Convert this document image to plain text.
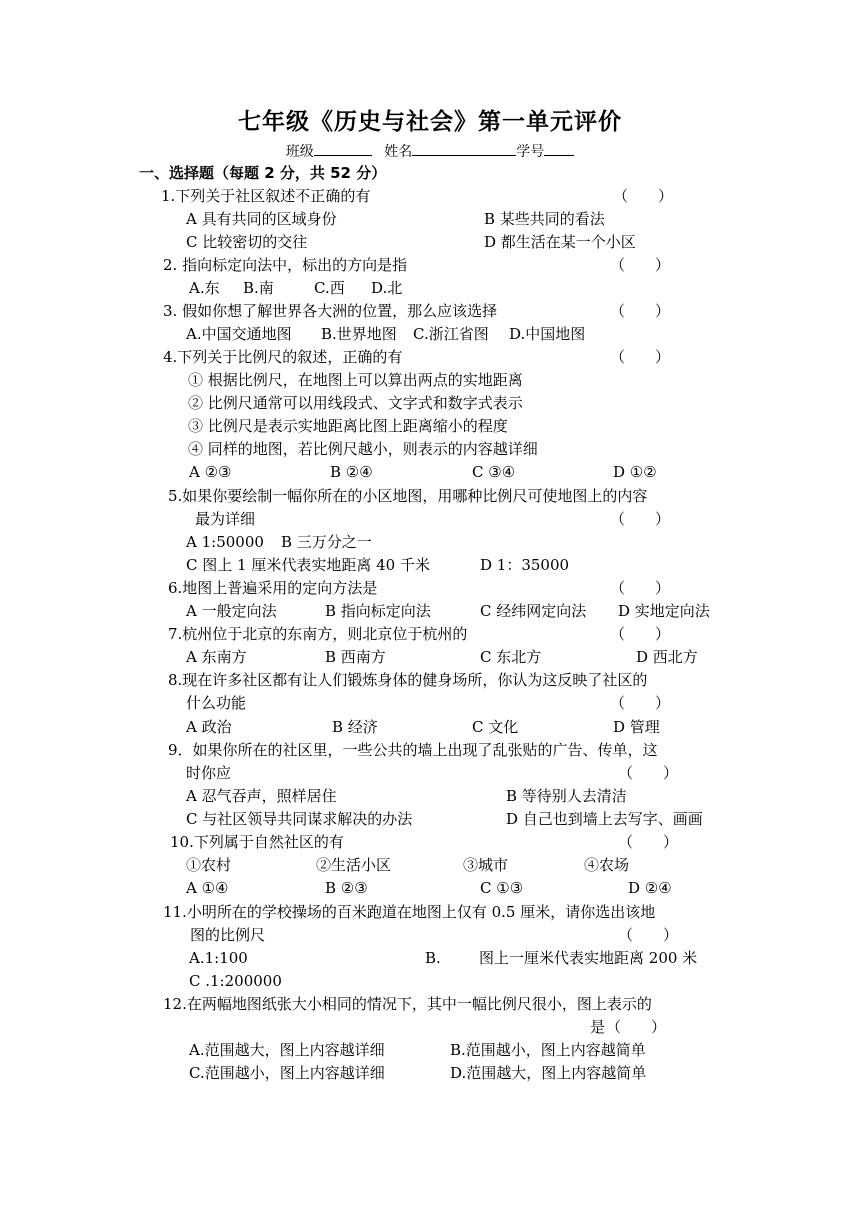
七年级《历史与社会》第一单元评价
班级	姓名	学号
一、选择题（每题 2 分，共 52 分）
1.下列关于社区叙述不正确的有	（　　）
A 具有共同的区域身份	B 某些共同的看法
C 比较密切的交往	D 都生活在某一个小区
2. 指向标定向法中，标出的方向是指	（　　）
A.东 B.南	C.西 D.北
3. 假如你想了解世界各大洲的位置，那么应该选择	（　　）
A.中国交通地图 B.世界地图 C.浙江省图 D.中国地图
4.下列关于比例尺的叙述，正确的有	（　　）
① 根据比例尺，在地图上可以算出两点的实地距离
② 比例尺通常可以用线段式、文字式和数字式表示
③ 比例尺是表示实地距离比图上距离缩小的程度
④ 同样的地图，若比例尺越小，则表示的内容越详细
A ②③	B ②④	C ③④	D ①②
5.如果你要绘制一幅你所在的小区地图，用哪种比例尺可使地图上的内容
最为详细	（　　）
A 1:50000 B 三万分之一
C 图上 1 厘米代表实地距离 40 千米	D 1：35000
6.地图上普遍采用的定向方法是	（　　）
A 一般定向法	B 指向标定向法	C 经纬网定向法 D 实地定向法
7.杭州位于北京的东南方，则北京位于杭州的	（　　）
A 东南方	B 西南方	C 东北方	D 西北方
8.现在许多社区都有让人们锻炼身体的健身场所，你认为这反映了社区的
什么功能	（　　）
A 政治	B 经济	C 文化	D 管理
9．如果你所在的社区里，一些公共的墙上出现了乱张贴的广告、传单，这
时你应	（　　）
A 忍气吞声，照样居住	B 等待别人去清洁
C 与社区领导共同谋求解决的办法	D 自己也到墙上去写字、画画
10.下列属于自然社区的有	（　　）
①农村	②生活小区	③城市	④农场
A ①④	B ②③	C ①③	D ②④
11.小明所在的学校操场的百米跑道在地图上仅有 0.5 厘米，请你选出该地
图的比例尺	（　　）
A.1:100	B.	图上一厘米代表实地距离 200 米
C .1:200000
12.在两幅地图纸张大小相同的情况下，其中一幅比例尺很小，图上表示的
是 （　　）
A.范围越大，图上内容越详细	B.范围越小，图上内容越简单
C.范围越小，图上内容越详细	D.范围越大，图上内容越简单
